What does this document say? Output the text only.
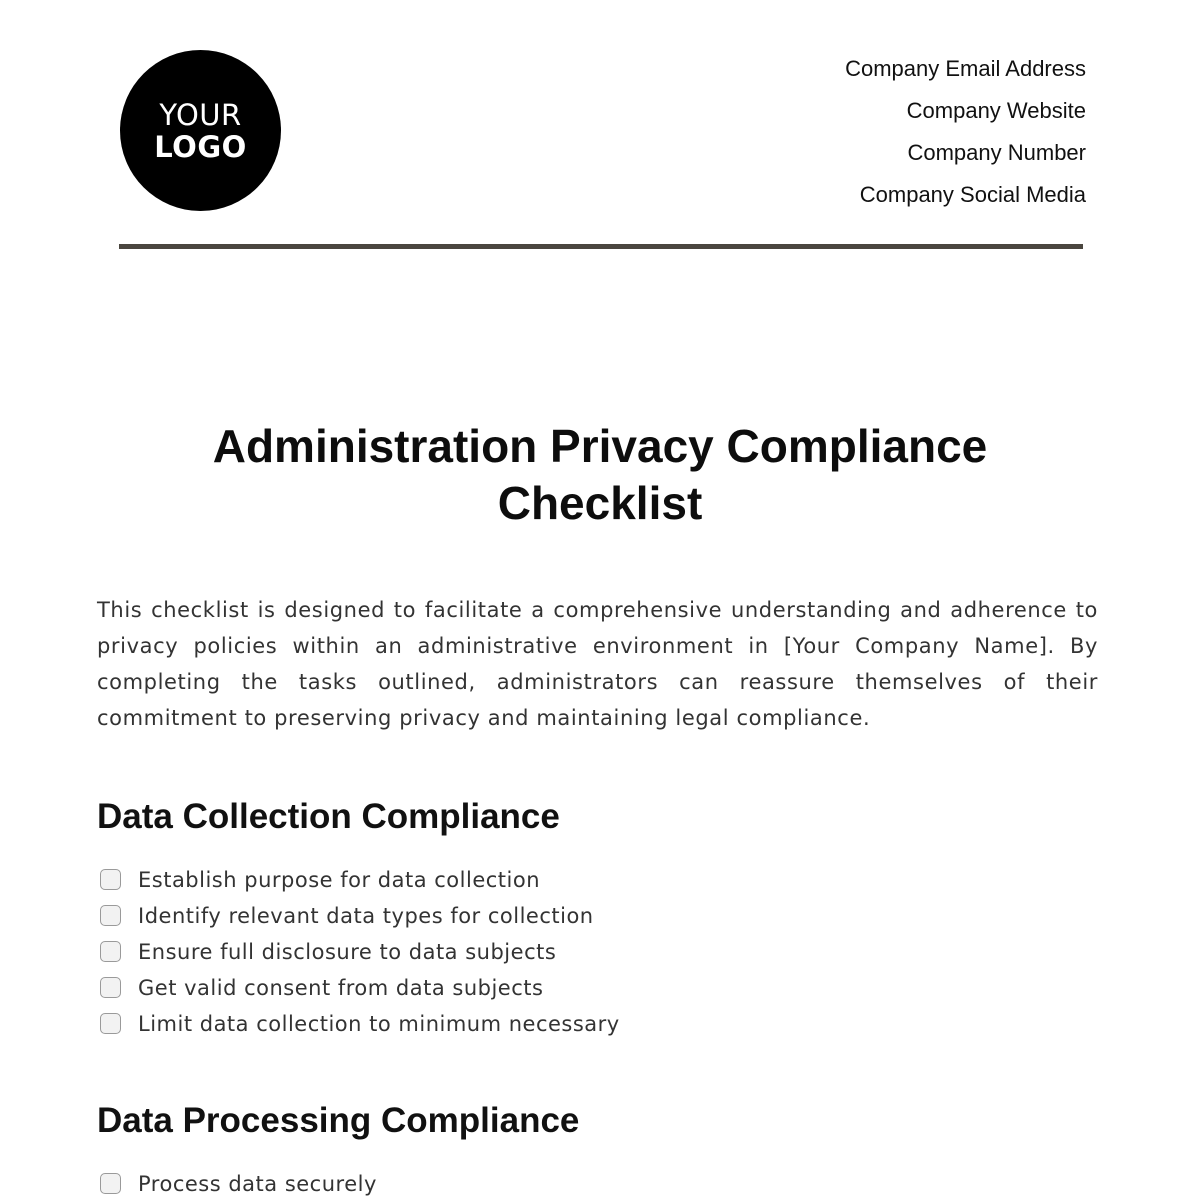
YOUR
LOGO
Company Email Address
Company Website
Company Number
Company Social Media
Administration Privacy Compliance
Checklist

This checklist is designed to facilitate a comprehensive understanding and adherence to privacy policies within an administrative environment in [Your Company Name]. By completing the tasks outlined, administrators can reassure themselves of their commitment to preserving privacy and maintaining legal compliance.

Data Collection Compliance
Establish purpose for data collection
Identify relevant data types for collection
Ensure full disclosure to data subjects
Get valid consent from data subjects
Limit data collection to minimum necessary
Data Processing Compliance
Process data securely
